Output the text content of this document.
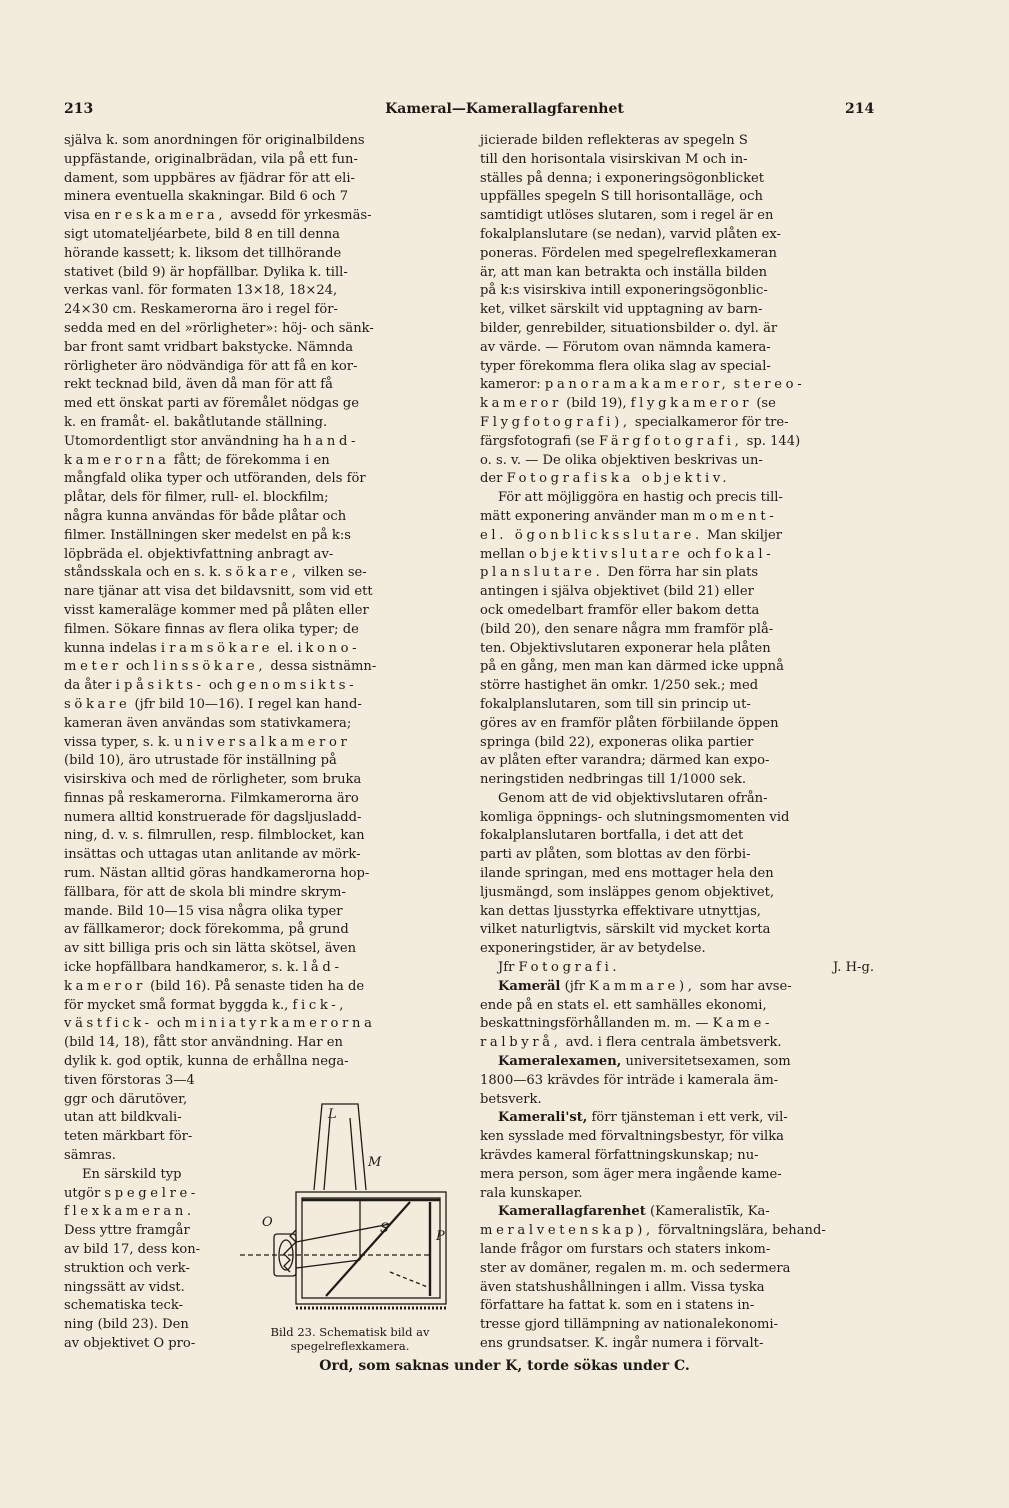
213	Kameral—Kamerallagfarenhet	214

själva k. som anordningen för originalbildens

uppfästande, originalbrädan, vila på ett fun-

dament, som uppbäres av fjädrar för att eli-

minera eventuella skakningar. Bild 6 och 7

visa en reskamera, avsedd för yrkesmäs-

sigt utomateljéarbete, bild 8 en till denna

hörande kassett; k. liksom det tillhörande

stativet (bild 9) är hopfällbar. Dylika k. till-

verkas vanl. för formaten 13×18, 18×24,

24×30 cm. Reskamerorna äro i regel för-

sedda med en del »rörligheter»: höj- och sänk-

bar front samt vridbart bakstycke. Nämnda

rörligheter äro nödvändiga för att få en kor-

rekt tecknad bild, även då man för att få

med ett önskat parti av föremålet nödgas ge

k. en framåt- el. bakåtlutande ställning.

Utomordentligt stor användning ha hand-

kamerorna fått; de förekomma i en

mångfald olika typer och utföranden, dels för

plåtar, dels för filmer, rull- el. blockfilm;

några kunna användas för både plåtar och

filmer. Inställningen sker medelst en på k:s

löpbräda el. objektivfattning anbragt av-

ståndsskala och en s. k. sökare, vilken se-

nare tjänar att visa det bildavsnitt, som vid ett

visst kameraläge kommer med på plåten eller

filmen. Sökare finnas av flera olika typer; de

kunna indelas i ramsökare el. ikono-

meter och linssökare, dessa sistnämn-

da åter i påsikts- och genomsikts-

sökare (jfr bild 10—16). I regel kan hand-

kameran även användas som stativkamera;

vissa typer, s. k. universalkameror

(bild 10), äro utrustade för inställning på

visirskiva och med de rörligheter, som bruka

finnas på reskamerorna. Filmkamerorna äro

numera alltid konstruerade för dagsljusladd-

ning, d. v. s. filmrullen, resp. filmblocket, kan

insättas och uttagas utan anlitande av mörk-

rum. Nästan alltid göras handkamerorna hop-

fällbara, för att de skola bli mindre skrym-

mande. Bild 10—15 visa några olika typer

av fällkameror; dock förekomma, på grund

av sitt billiga pris och sin lätta skötsel, även

icke hopfällbara handkameror, s. k. låd-

kameror (bild 16). På senaste tiden ha de

för mycket små format byggda k., fick-,

västfick- och miniatyrkamerorna

(bild 14, 18), fått stor användning. Har en

dylik k. god optik, kunna de erhållna nega-

tiven förstoras 3—4

ggr och därutöver,

utan att bildkvali-

teten märkbart för-

sämras.

En särskild typ

utgör spegelre-

flexkameran.

Dess yttre framgår

av bild 17, dess kon-

struktion och verk-

ningssätt av vidst.

schematiska teck-

ning (bild 23). Den

av objektivet O pro-

L
M
O	S
P
Bild 23. Schematisk bild av
spegelreflexkamera.

jicierade bilden reflekteras av spegeln S

till den horisontala visirskivan M och in-

ställes på denna; i exponeringsögonblicket

uppfälles spegeln S till horisontalläge, och

samtidigt utlöses slutaren, som i regel är en

fokalplanslutare (se nedan), varvid plåten ex-

poneras. Fördelen med spegelreflexkameran

är, att man kan betrakta och inställa bilden

på k:s visirskiva intill exponeringsögonblic-

ket, vilket särskilt vid upptagning av barn-

bilder, genrebilder, situationsbilder o. dyl. är

av värde. — Förutom ovan nämnda kamera-

typer förekomma flera olika slag av special-

kameror: panoramakameror, stereo-

kameror (bild 19), flygkameror (se

Flygfotografi), specialkameror för tre-

färgsfotografi (se Färgfotografi, sp. 144)

o. s. v. — De olika objektiven beskrivas un-

der Fotografiska objektiv.

För att möjliggöra en hastig och precis till-

mätt exponering använder man moment-

el. ögonblicksslutare. Man skiljer

mellan objektivslutare och fokal-

planslutare. Den förra har sin plats

antingen i själva objektivet (bild 21) eller

ock omedelbart framför eller bakom detta

(bild 20), den senare några mm framför plå-

ten. Objektivslutaren exponerar hela plåten

på en gång, men man kan därmed icke uppnå

större hastighet än omkr. 1/250 sek.; med

fokalplanslutaren, som till sin princip ut-

göres av en framför plåten förbiilande öppen

springa (bild 22), exponeras olika partier

av plåten efter varandra; därmed kan expo-

neringstiden nedbringas till 1/1000 sek.

Genom att de vid objektivslutaren ofrån-

komliga öppnings- och slutningsmomenten vid

fokalplanslutaren bortfalla, i det att det

parti av plåten, som blottas av den förbi-

ilande springan, med ens mottager hela den

ljusmängd, som insläppes genom objektivet,

kan dettas ljusstyrka effektivare utnyttjas,

vilket naturligtvis, särskilt vid mycket korta

exponeringstider, är av betydelse.

Jfr Fotografi.	J. H-g.

Kameräl (jfr Kammare), som har avse-

ende på en stats el. ett samhälles ekonomi,

beskattningsförhållanden m. m. — Kame-

ralbyrå, avd. i flera centrala ämbetsverk.

Kameralexamen, universitetsexamen, som

1800—63 krävdes för inträde i kamerala äm-

betsverk.

Kamerali'st, förr tjänsteman i ett verk, vil-

ken sysslade med förvaltningsbestyr, för vilka

krävdes kameral författningskunskap; nu-

mera person, som äger mera ingående kame-

rala kunskaper.

Kamerallagfarenhet (Kameralistīk, Ka-

meralvetenskap), förvaltningslära, behand-

lande frågor om furstars och staters inkom-

ster av domäner, regalen m. m. och sedermera

även statshushållningen i allm. Vissa tyska

författare ha fattat k. som en i statens in-

tresse gjord tillämpning av nationalekonomi-

ens grundsatser. K. ingår numera i förvalt-

Ord, som saknas under K, torde sökas under C.
